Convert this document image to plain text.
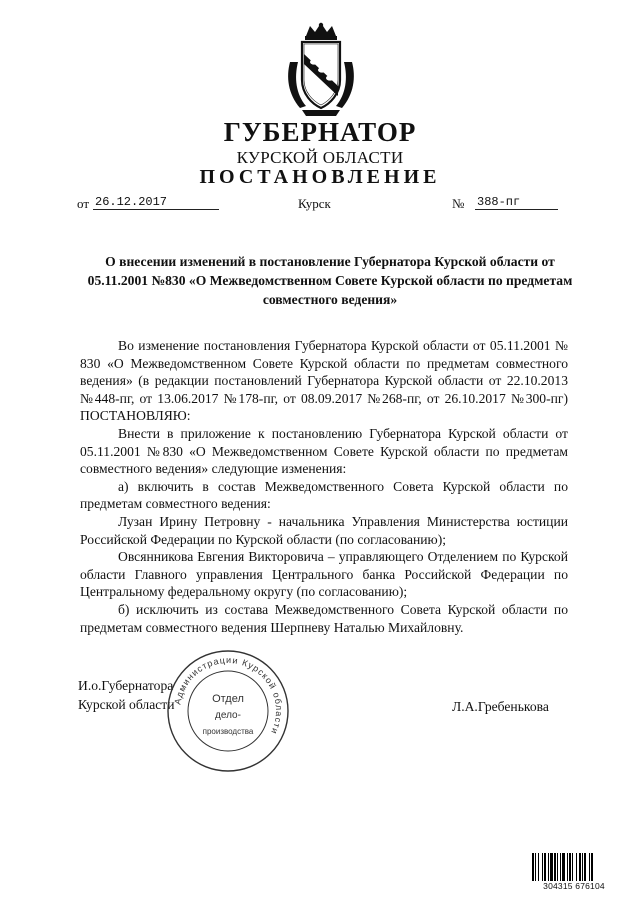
ГУБЕРНАТОР
КУРСКОЙ ОБЛАСТИ
ПОСТАНОВЛЕНИЕ
от 26.12.2017	Курск	№ 388-пг
О внесении изменений в постановление Губернатора Курской области от 05.11.2001 №830 «О Межведомственном Совете Курской области по предметам совместного ведения»

Во изменение постановления Губернатора Курской области от 05.11.2001 № 830 «О Межведомственном Совете Курской области по предметам совместного ведения» (в редакции постановлений Губернатора Курской области от 22.10.2013 №448-пг, от 13.06.2017 №178-пг, от 08.09.2017 №268-пг, от 26.10.2017 №300-пг) ПОСТАНОВЛЯЮ:

Внести в приложение к постановлению Губернатора Курской области от 05.11.2001 №830 «О Межведомственном Совете Курской области по предметам совместного ведения» следующие изменения:

а) включить в состав Межведомственного Совета Курской области по предметам совместного ведения:

Лузан Ирину Петровну - начальника Управления Министерства юстиции Российской Федерации по Курской области (по согласованию);

Овсянникова Евгения Викторовича – управляющего Отделением по Курской области Главного управления Центрального банка Российской Федерации по Центральному федеральному округу (по согласованию);

б) исключить из состава Межведомственного Совета Курской области по предметам совместного ведения Шерпневу Наталью Михайловну.

И.о.Губернатора
Курской области	Л.А.Гребенькова
Администрации Курской области
Отдел
дело-
производства
304315 676104
